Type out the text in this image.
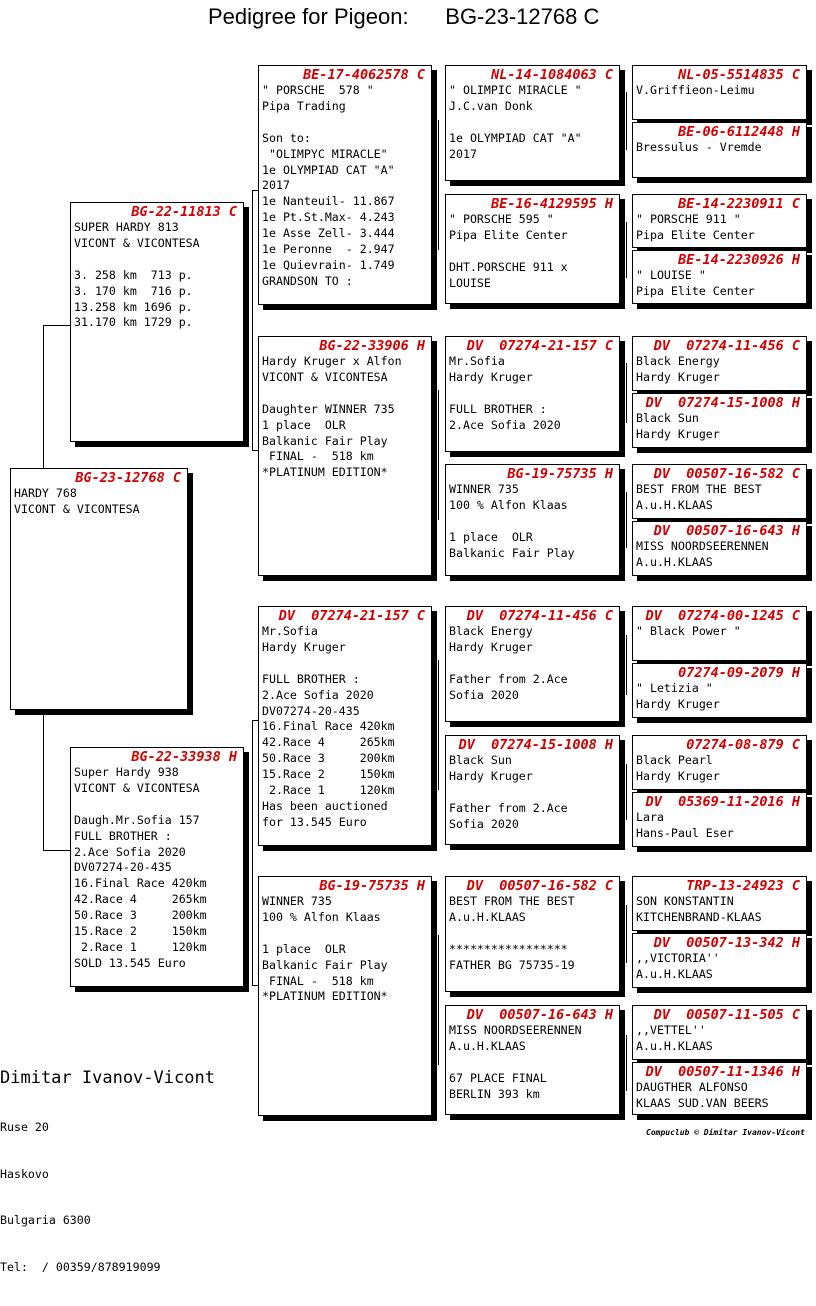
Pedigree for Pigeon: BG-23-12768 C
BG-23-12768 C
HARDY 768
VICONT & VICONTESA
BG-22-11813 C
SUPER HARDY 813
VICONT & VICONTESA
3. 258 km  713 p.
3. 170 km  716 p.
13.258 km 1696 p.
31.170 km 1729 p.
BG-22-33938 H
Super Hardy 938
VICONT & VICONTESA
Daugh.Mr.Sofia 157
FULL BROTHER :
2.Ace Sofia 2020
DV07274-20-435
16.Final Race 420km
42.Race 4     265km
50.Race 3     200km
15.Race 2     150km
2.Race 1     120km
SOLD 13.545 Euro
BE-17-4062578 C
" PORSCHE  578 "
Pipa Trading
Son to:
"OLIMPYC MIRACLE"
1e OLYMPIAD CAT "A"
2017
1e Nanteuil- 11.867
1e Pt.St.Max- 4.243
1e Asse Zell- 3.444
1e Peronne  - 2.947
1e Quievrain- 1.749
GRANDSON TO :
BG-22-33906 H
Hardy Kruger x Alfon
VICONT & VICONTESA
Daughter WINNER 735
1 place  OLR
Balkanic Fair Play
FINAL -  518 km
*PLATINUM EDITION*
DV  07274-21-157 C
Mr.Sofia
Hardy Kruger
FULL BROTHER :
2.Ace Sofia 2020
DV07274-20-435
16.Final Race 420km
42.Race 4     265km
50.Race 3     200km
15.Race 2     150km
2.Race 1     120km
Has been auctioned
for 13.545 Euro
BG-19-75735 H
WINNER 735
100 % Alfon Klaas
1 place  OLR
Balkanic Fair Play
FINAL -  518 km
*PLATINUM EDITION*
NL-14-1084063 C
" OLIMPIC MIRACLE "
J.C.van Donk
1e OLYMPIAD CAT "A"
2017
BE-16-4129595 H
" PORSCHE 595 "
Pipa Elite Center
DHT.PORSCHE 911 x
LOUISE
DV  07274-21-157 C
Mr.Sofia
Hardy Kruger
FULL BROTHER :
2.Ace Sofia 2020
BG-19-75735 H
WINNER 735
100 % Alfon Klaas
1 place  OLR
Balkanic Fair Play
DV  07274-11-456 C
Black Energy
Hardy Kruger
Father from 2.Ace
Sofia 2020
DV  07274-15-1008 H
Black Sun
Hardy Kruger
Father from 2.Ace
Sofia 2020
DV  00507-16-582 C
BEST FROM THE BEST
A.u.H.KLAAS
*****************
FATHER BG 75735-19
DV  00507-16-643 H
MISS NOORDSEERENNEN
A.u.H.KLAAS
67 PLACE FINAL
BERLIN 393 km
NL-05-5514835 C
V.Griffieon-Leimu
BE-06-6112448 H
Bressulus - Vremde
BE-14-2230911 C
" PORSCHE 911 "
Pipa Elite Center
BE-14-2230926 H
" LOUISE "
Pipa Elite Center
DV  07274-11-456 C
Black Energy
Hardy Kruger
DV  07274-15-1008 H
Black Sun
Hardy Kruger
DV  00507-16-582 C
BEST FROM THE BEST
A.u.H.KLAAS
DV  00507-16-643 H
MISS NOORDSEERENNEN
A.u.H.KLAAS
DV  07274-00-1245 C
" Black Power "
07274-09-2079 H
" Letizia "
Hardy Kruger
07274-08-879 C
Black Pearl
Hardy Kruger
DV  05369-11-2016 H
Lara
Hans-Paul Eser
TRP-13-24923 C
SON KONSTANTIN
KITCHENBRAND-KLAAS
DV  00507-13-342 H
,,VICTORIA''
A.u.H.KLAAS
DV  00507-11-505 C
,,VETTEL''
A.u.H.KLAAS
DV  00507-11-1346 H
DAUGTHER ALFONSO
KLAAS SUD.VAN BEERS

Dimitar Ivanov-Vicont

Ruse 20

Haskovo

Bulgaria 6300

Tel:  / 00359/878919099

Compuclub © Dimitar Ivanov-Vicont
